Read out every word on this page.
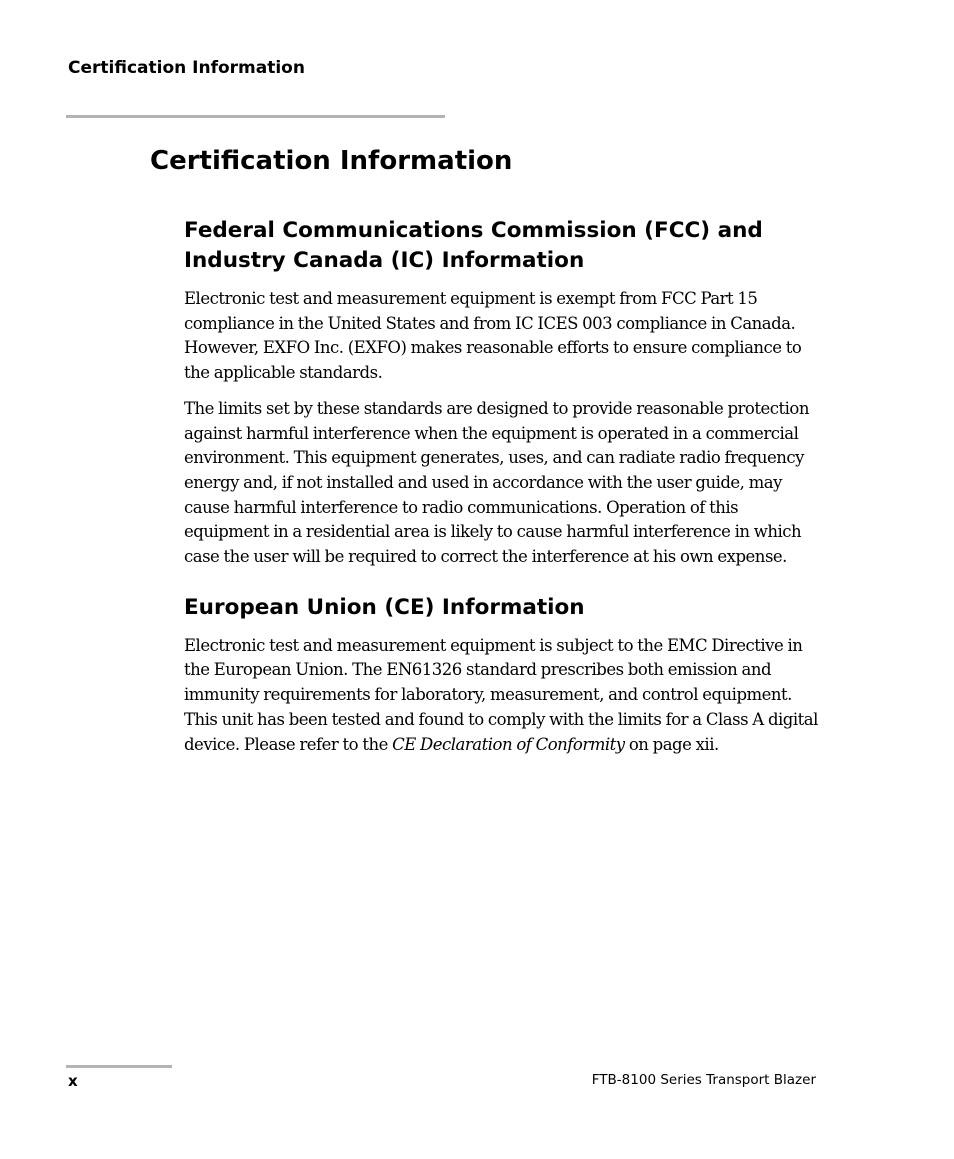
Certification Information
Certification Information
Federal Communications Commission (FCC) and Industry Canada (IC) Information

Electronic test and measurement equipment is exempt from FCC Part 15 compliance in the United States and from IC ICES 003 compliance in Canada. However, EXFO Inc. (EXFO) makes reasonable efforts to ensure compliance to the applicable standards.

The limits set by these standards are designed to provide reasonable protection against harmful interference when the equipment is operated in a commercial environment. This equipment generates, uses, and can radiate radio frequency energy and, if not installed and used in accordance with the user guide, may cause harmful interference to radio communications. Operation of this equipment in a residential area is likely to cause harmful interference in which case the user will be required to correct the interference at his own expense.

European Union (CE) Information

Electronic test and measurement equipment is subject to the EMC Directive in the European Union. The EN61326 standard prescribes both emission and immunity requirements for laboratory, measurement, and control equipment. This unit has been tested and found to comply with the limits for a Class A digital device. Please refer to the CE Declaration of Conformity on page xii.

x	FTB-8100 Series Transport Blazer
